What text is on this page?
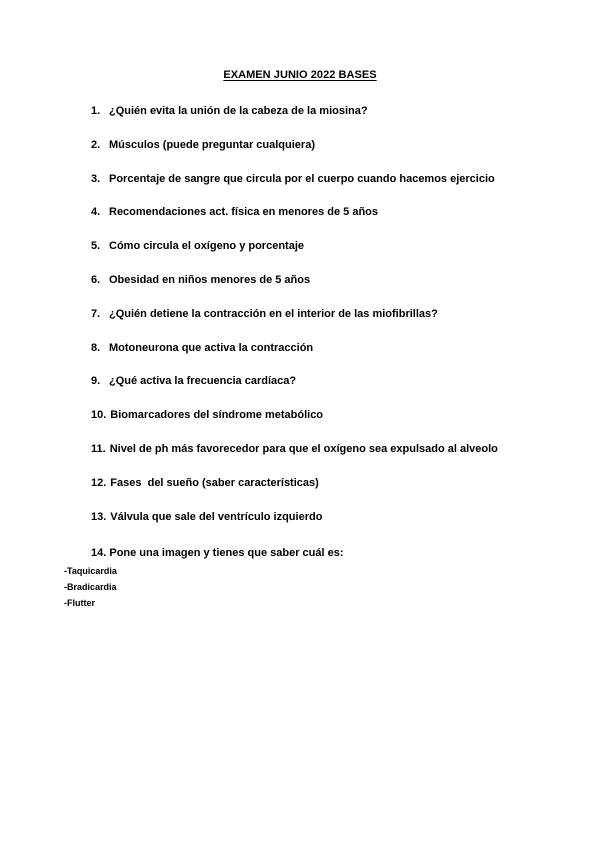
EXAMEN JUNIO 2022 BASES
1. ¿Quién evita la unión de la cabeza de la miosina?
2. Músculos (puede preguntar cualquiera)
3. Porcentaje de sangre que circula por el cuerpo cuando hacemos ejercicio
4. Recomendaciones act. física en menores de 5 años
5. Cómo circula el oxígeno y porcentaje
6. Obesidad en niños menores de 5 años
7. ¿Quién detiene la contracción en el interior de las miofibrillas?
8. Motoneurona que activa la contracción
9. ¿Qué activa la frecuencia cardíaca?
10. Biomarcadores del síndrome metabólico
11. Nivel de ph más favorecedor para que el oxígeno sea expulsado al alveolo
12. Fases  del sueño (saber características)
13. Válvula que sale del ventrículo izquierdo
14. Pone una imagen y tienes que saber cuál es:
-Taquicardia
-Bradicardia
-Flutter
